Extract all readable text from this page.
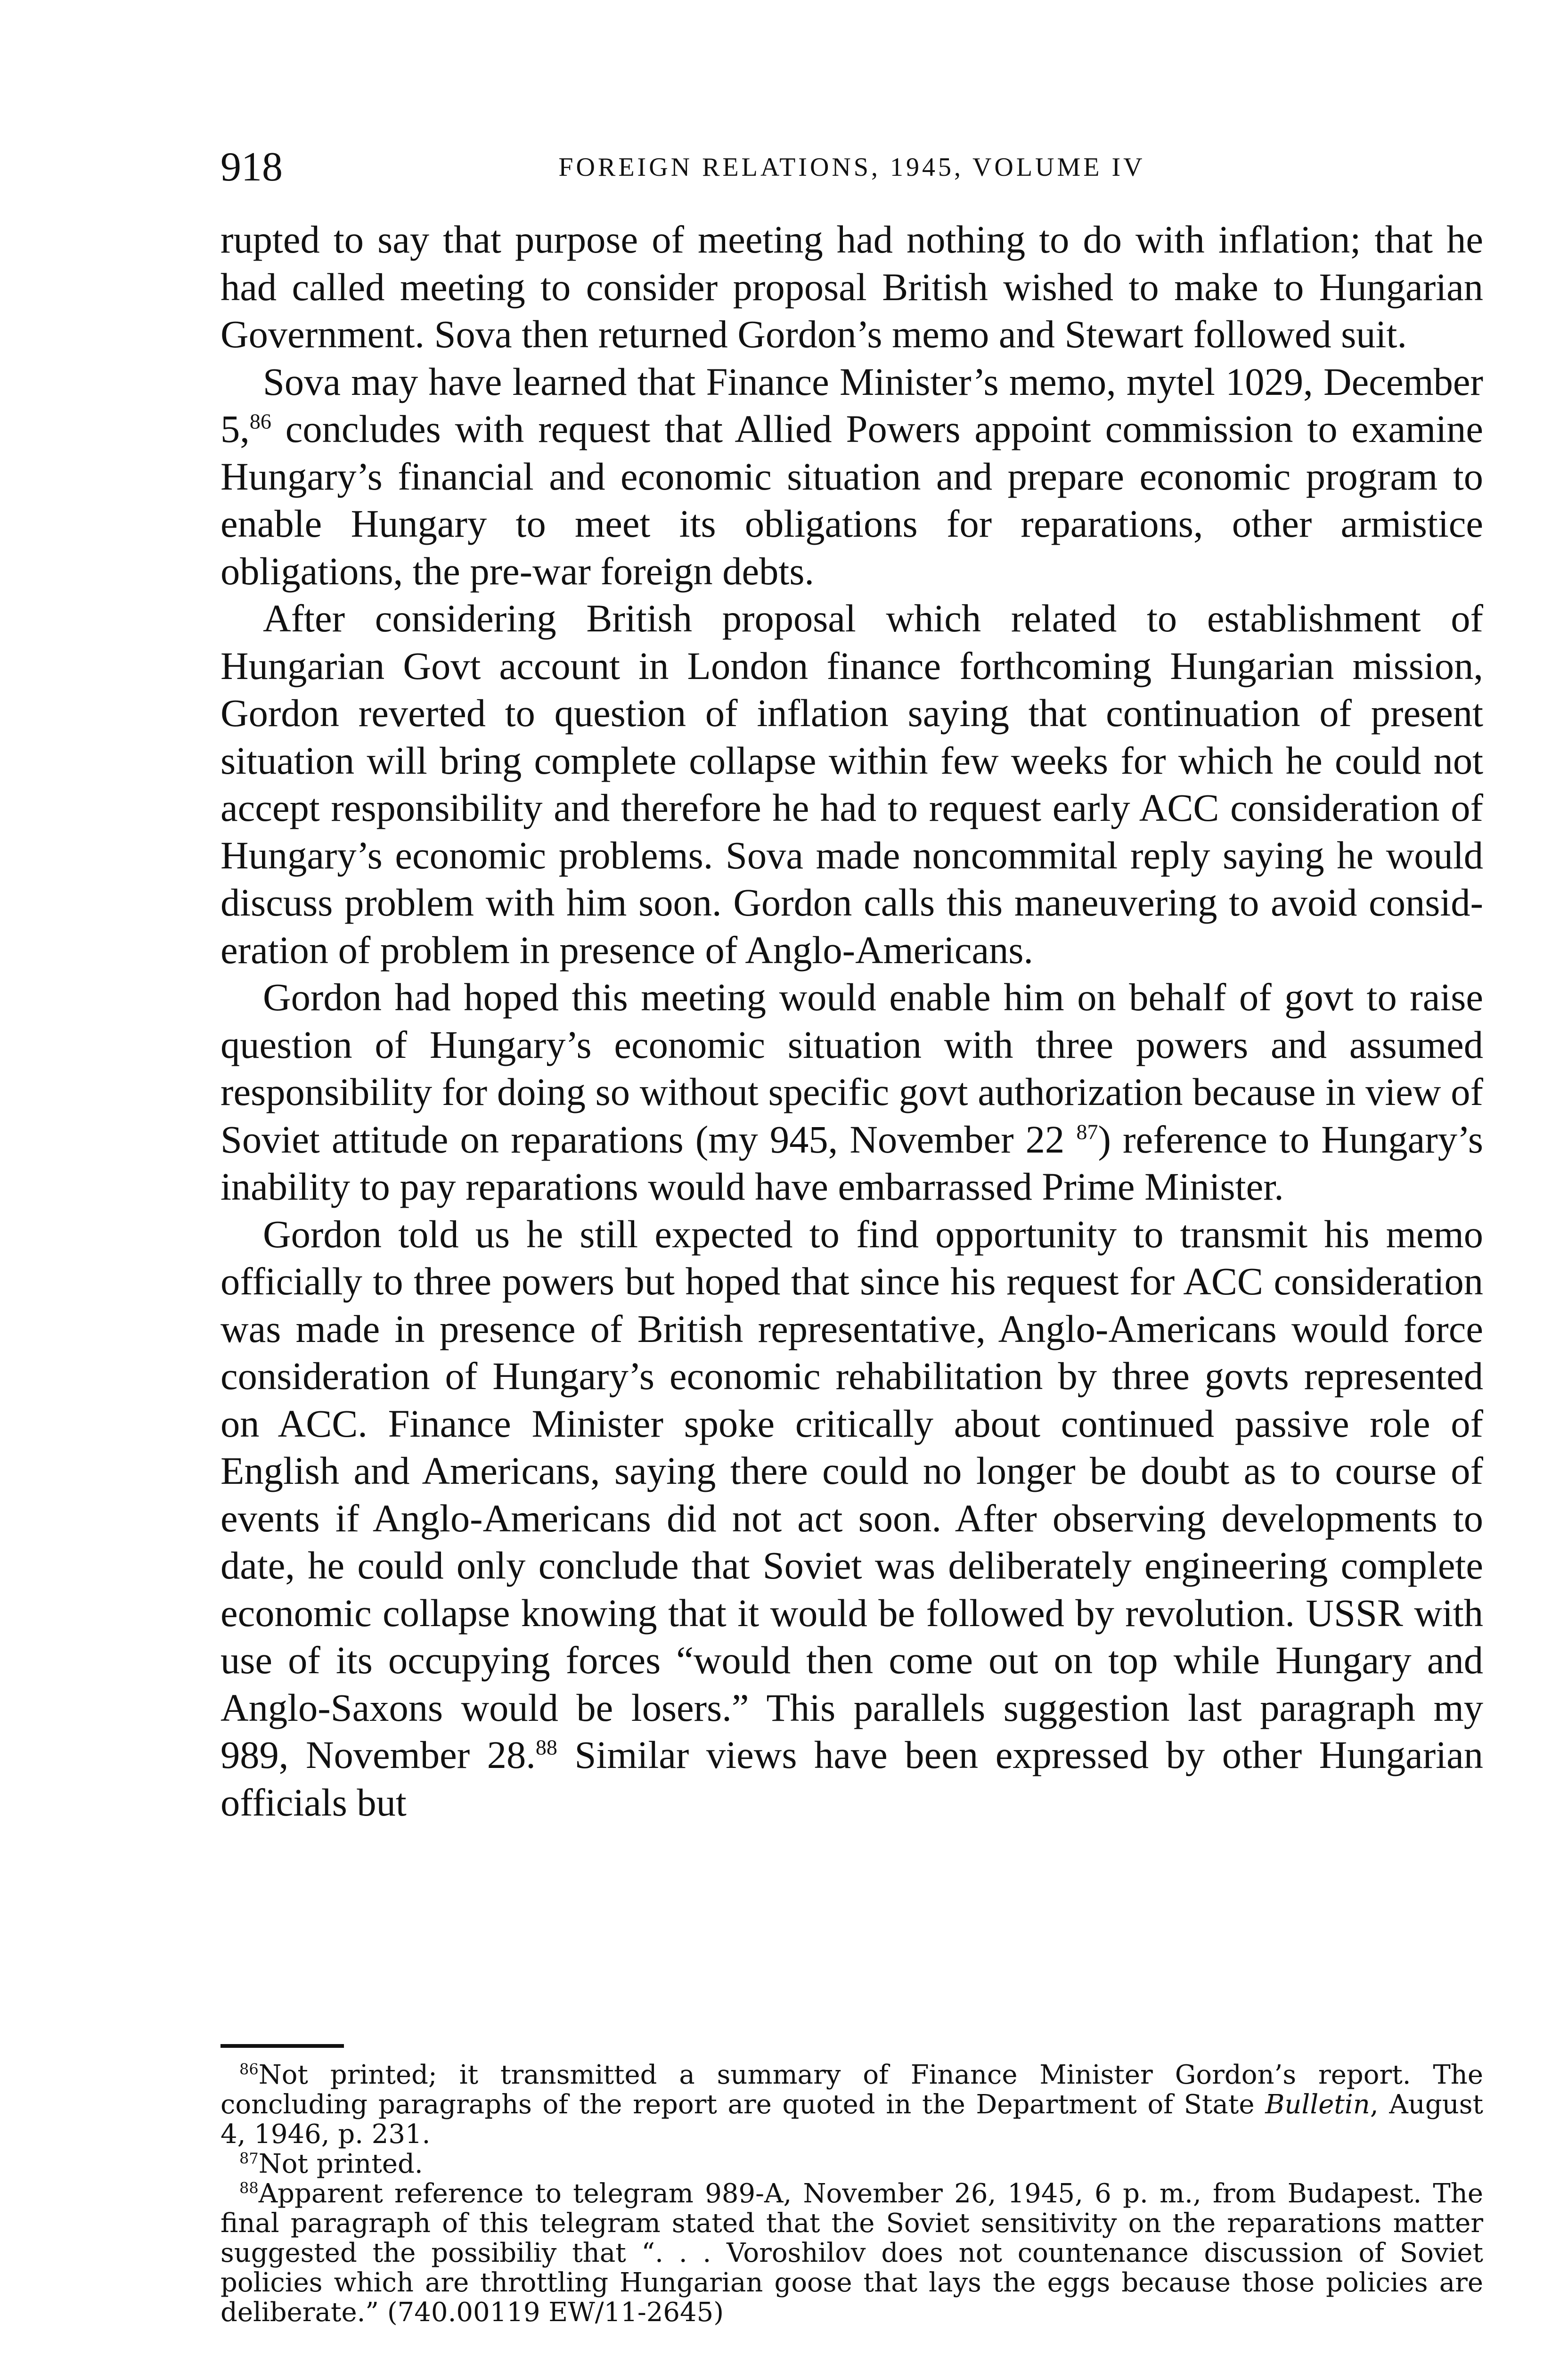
918	FOREIGN RELATIONS, 1945, VOLUME IV

rupted to say that purpose of meeting had nothing to do with inflation; that he had called meeting to consider proposal British wished to make to Hungarian Government. Sova then returned Gordon’s memo and Stewart followed suit.

Sova may have learned that Finance Minister’s memo, mytel 1029, December 5,86 concludes with request that Allied Powers appoint commission to examine Hungary’s financial and economic situation and prepare economic program to enable Hungary to meet its obligations for reparations, other armistice obligations, the pre-war foreign debts.

After considering British proposal which related to establishment of Hungarian Govt account in London finance forthcoming Hungarian mission, Gordon reverted to question of inflation saying that continuation of present situation will bring complete collapse within few weeks for which he could not accept responsibility and therefore he had to request early ACC consideration of Hungary’s economic problems. Sova made noncommital reply saying he would discuss problem with him soon. Gordon calls this maneuvering to avoid consideration of problem in presence of Anglo-Americans.

Gordon had hoped this meeting would enable him on behalf of govt to raise question of Hungary’s economic situation with three powers and assumed responsibility for doing so without specific govt authorization because in view of Soviet attitude on reparations (my 945, November 22 $^{87}$) reference to Hungary’s inability to pay reparations would have embarrassed Prime Minister.

Gordon told us he still expected to find opportunity to transmit his memo officially to three powers but hoped that since his request for ACC consideration was made in presence of British representative, Anglo-Americans would force consideration of Hungary’s economic rehabilitation by three govts represented on ACC. Finance Minister spoke critically about continued passive role of English and Americans, saying there could no longer be doubt as to course of events if Anglo-Americans did not act soon. After observing developments to date, he could only conclude that Soviet was deliberately engineering complete economic collapse knowing that it would be followed by revolution. USSR with use of its occupying forces “would then come out on top while Hungary and Anglo-Saxons would be losers.” This parallels suggestion last paragraph my 989, November 28.88 Similar views have been expressed by other Hungarian officials but

$^{86}$Not printed; it transmitted a summary of Finance Minister Gordon’s report. The concluding paragraphs of the report are quoted in the Department of State Bulletin, August 4, 1946, p. 231.

$^{87}$Not printed.

$^{88}$Apparent reference to telegram 989-A, November 26, 1945, 6 p. m., from Budapest. The final paragraph of this telegram stated that the Soviet sensitivity on the reparations matter suggested the possibiliy that “. . . Voroshilov does not countenance discussion of Soviet policies which are throttling Hungarian goose that lays the eggs because those policies are deliberate.” (740.00119 EW/11-2645)
